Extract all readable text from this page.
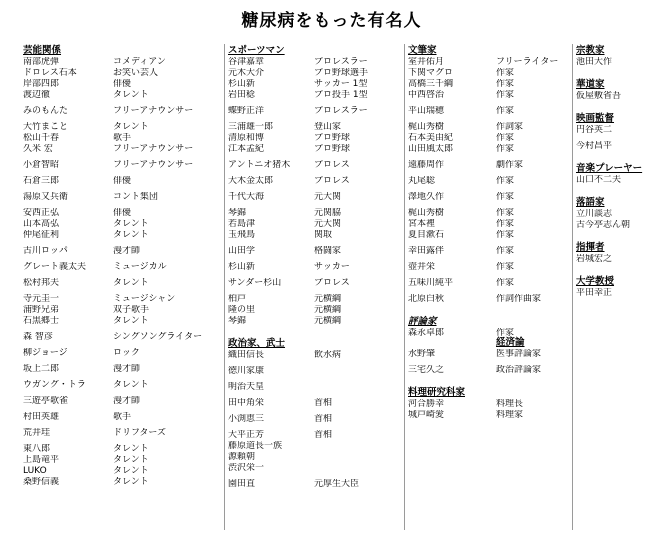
糖尿病をもった有名人
芸能関係
南部虎弾	コメディアン
ドロレス石本	お笑い芸人
岸部四郎	俳優
渡辺徹	タレント
みのもんた	フリーアナウンサー
大竹まこと	タレント
松山千春	歌手
久米 宏	フリーアナウンサー
小倉智昭	フリーアナウンサー
石倉三郎	俳優
湯原又兵衛	コント集団
安西正弘	俳優
山本高弘	タレント
仲尾征利	タレント
古川ロッパ	漫才師
グレート義太夫	ミュージカル
松村邦夫	タレント
寺元圭一	ミュージシャン
浦野兄弟	双子歌手
石黒郷士	タレント
森 智彦	シングソングライター
柳ジョージ	ロック
坂上二郎	漫才師
ウガング・トラ	タレント
三遊亭歌雀	漫才師
村田英雄	歌手
荒井珪	ドリフターズ
東八郎	タレント
上島竜平	タレント
LUKO	タレント
桑野信義	タレント
スポーツマン
谷津嘉章	プロレスラー
元木大介	プロ野球選手
杉山新	サッカー 1型
岩田稔	プロ投手 1型
蝶野正洋	プロレスラー
三浦雄一郎	登山家
清原和博	プロ野球
江本孟紀	プロ野球
アントニオ猪木	プロレス
大木金太郎	プロレス
千代大海	元大関
琴錦	元関脇
若島津	元大関
玉飛鳥	関取
山田学	格闘家
杉山新	サッカー
サンダー杉山	プロレス
柏戸	元横綱
隆の里	元横綱
琴錦	元横綱
政治家、武士
織田信長	飲水病
徳川家康
明治天皇
田中角栄	首相
小渕恵三	首相
大平正芳	首相
藤原道長一族
源頼朝
渋沢栄一
園田直	元厚生大臣
文筆家
室井佑月	フリーライター
下関マグロ	作家
高橋三千綱	作家
中西啓治	作家
平山瑞穂	作家
梶山秀樹	作詞家
石本美由紀	作家
山田風太郎	作家
遠藤周作	劇作家
丸尾聡	作家
澤地久作	作家
梶山秀樹	作家
宮本裡	作家
夏目漱石	作家
幸田露伴	作家
壺井栄	作家
五味川純平	作家
北原白秋	作詞作曲家
評論家
森永卓郎	作家
経済論
水野肇	医事評論家
三宅久之	政治評論家
料理研究科家
河合勝幸	料理長
城戸崎愛	料理家
宗教家
池田大作
華道家
仮屋敷省吾
映画監督
円谷英二
今村昌平
音楽プレーヤー
山口不二夫
落語家
立川談志
古今亭志ん朝
指揮者
岩城宏之
大学教授
平田幸正
